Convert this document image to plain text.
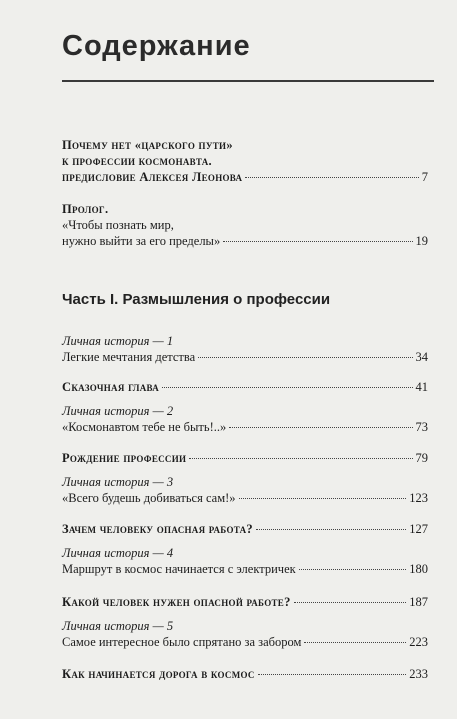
Содержание
Почему нет «царского пути»
к профессии космонавта.
предисловие Алексея Леонова	7
Пролог.
«Чтобы познать мир,
нужно выйти за его пределы»	19
Часть I. Размышления о профессии
Личная история — 1
Легкие мечтания детства	34
Сказочная глава	41
Личная история — 2
«Космонавтом тебе не быть!..»	73
Рождение профессии	79
Личная история — 3
«Всего будешь добиваться сам!»	123
Зачем человеку опасная работа?	127
Личная история — 4
Маршрут в космос начинается с электричек	180
Какой человек нужен опасной работе?	187
Личная история — 5
Самое интересное было спрятано за забором	223
Как начинается дорога в космос	233
